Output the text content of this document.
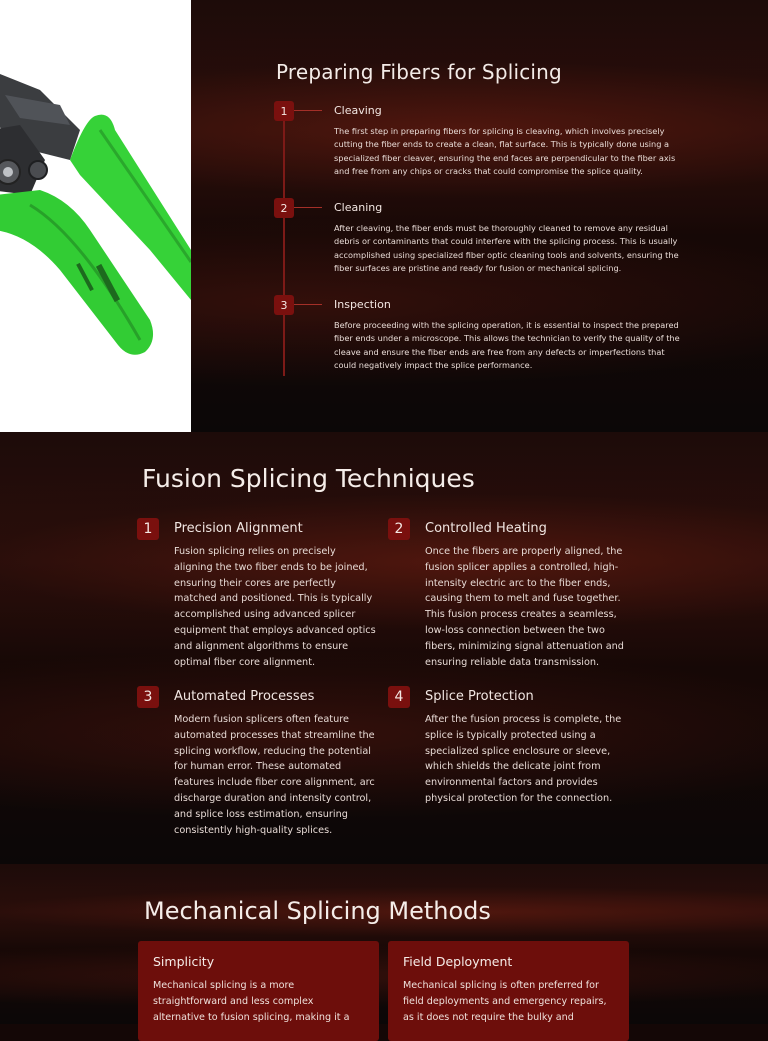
Preparing Fibers for Splicing
1	Cleaving

The first step in preparing fibers for splicing is cleaving, which involves precisely cutting the fiber ends to create a clean, flat surface. This is typically done using a specialized fiber cleaver, ensuring the end faces are perpendicular to the fiber axis and free from any chips or cracks that could compromise the splice quality.

2	Cleaning

After cleaving, the fiber ends must be thoroughly cleaned to remove any residual debris or contaminants that could interfere with the splicing process. This is usually accomplished using specialized fiber optic cleaning tools and solvents, ensuring the fiber surfaces are pristine and ready for fusion or mechanical splicing.

3	Inspection

Before proceeding with the splicing operation, it is essential to inspect the prepared fiber ends under a microscope. This allows the technician to verify the quality of the cleave and ensure the fiber ends are free from any defects or imperfections that could negatively impact the splice performance.

Fusion Splicing Techniques
1	Precision Alignment

Fusion splicing relies on precisely aligning the two fiber ends to be joined, ensuring their cores are perfectly matched and positioned. This is typically accomplished using advanced splicer equipment that employs advanced optics and alignment algorithms to ensure optimal fiber core alignment.

2	Controlled Heating

Once the fibers are properly aligned, the fusion splicer applies a controlled, high-intensity electric arc to the fiber ends, causing them to melt and fuse together. This fusion process creates a seamless, low-loss connection between the two fibers, minimizing signal attenuation and ensuring reliable data transmission.

3	Automated Processes

Modern fusion splicers often feature automated processes that streamline the splicing workflow, reducing the potential for human error. These automated features include fiber core alignment, arc discharge duration and intensity control, and splice loss estimation, ensuring consistently high-quality splices.

4	Splice Protection

After the fusion process is complete, the splice is typically protected using a specialized splice enclosure or sleeve, which shields the delicate joint from environmental factors and provides physical protection for the connection.

Mechanical Splicing Methods
Simplicity

Mechanical splicing is a more straightforward and less complex alternative to fusion splicing, making it a

Field Deployment

Mechanical splicing is often preferred for field deployments and emergency repairs, as it does not require the bulky and
